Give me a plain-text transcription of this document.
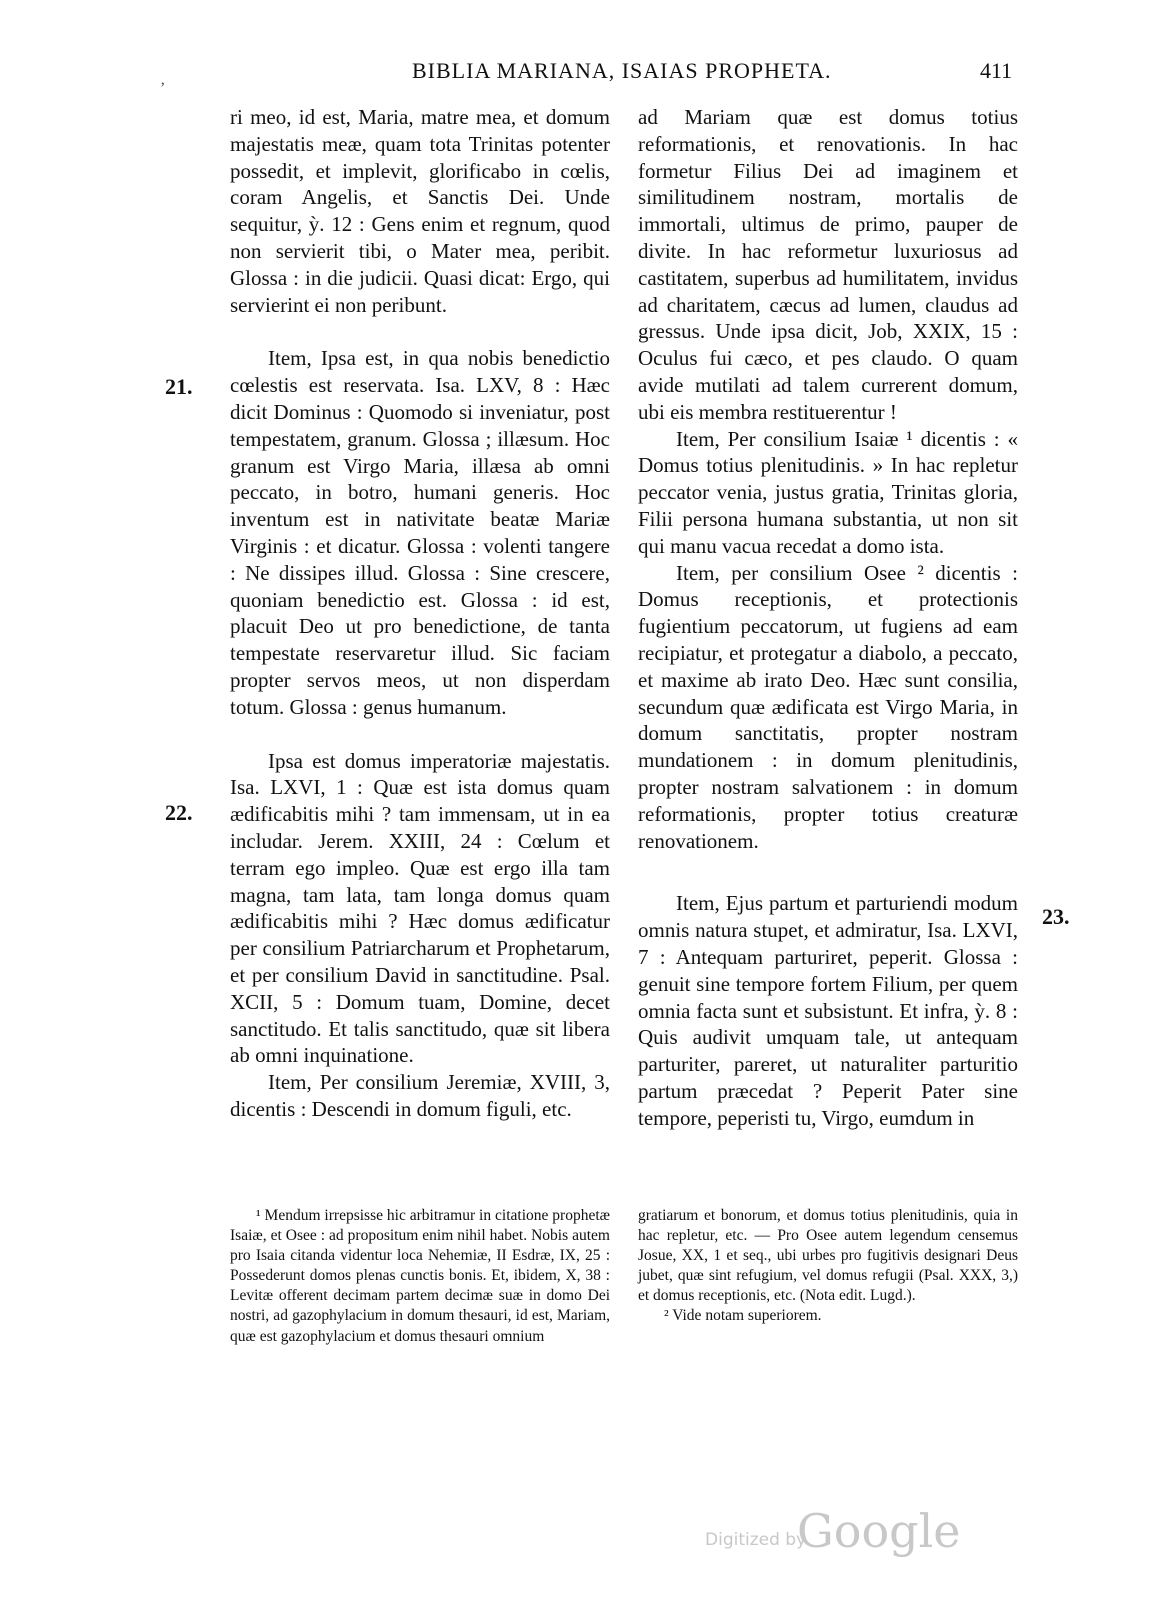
BIBLIA MARIANA, ISAIAS PROPHETA.	411
ʼ
21.
22.
23.

ri meo, id est, Maria, matre mea, et domum majestatis meæ, quam tota Trinitas potenter possedit, et implevit, glorificabo in cœlis, coram Angelis, et Sanctis Dei. Unde sequitur, ỳ. 12 : Gens enim et regnum, quod non servierit tibi, o Mater mea, peribit. Glossa : in die judicii. Quasi dicat: Ergo, qui servierint ei non peribunt.

Item, Ipsa est, in qua nobis benedictio cœlestis est reservata. Isa. LXV, 8 : Hæc dicit Dominus : Quomodo si inveniatur, post tempestatem, granum. Glossa ; illæsum. Hoc granum est Virgo Maria, illæsa ab omni peccato, in botro, humani generis. Hoc inventum est in nativitate beatæ Mariæ Virginis : et dicatur. Glossa : volenti tangere : Ne dissipes illud. Glossa : Sine crescere, quoniam benedictio est. Glossa : id est, placuit Deo ut pro benedictione, de tanta tempestate reservaretur illud. Sic faciam propter servos meos, ut non disperdam totum. Glossa : genus humanum.

Ipsa est domus imperatoriæ majestatis. Isa. LXVI, 1 : Quæ est ista domus quam ædificabitis mihi ? tam immensam, ut in ea includar. Jerem. XXIII, 24 : Cœlum et terram ego impleo. Quæ est ergo illa tam magna, tam lata, tam longa domus quam ædificabitis mihi ? Hæc domus ædificatur per consilium Patriarcharum et Prophetarum, et per consilium David in sanctitudine. Psal. XCII, 5 : Domum tuam, Domine, decet sanctitudo. Et talis sanctitudo, quæ sit libera ab omni inquinatione.

Item, Per consilium Jeremiæ, XVIII, 3, dicentis : Descendi in domum figuli, etc.

ad Mariam quæ est domus totius reformationis, et renovationis. In hac formetur Filius Dei ad imaginem et similitudinem nostram, mortalis de immortali, ultimus de primo, pauper de divite. In hac reformetur luxuriosus ad castitatem, superbus ad humilitatem, invidus ad charitatem, cæcus ad lumen, claudus ad gressus. Unde ipsa dicit, Job, XXIX, 15 : Oculus fui cæco, et pes claudo. O quam avide mutilati ad talem currerent domum, ubi eis membra restituerentur !

Item, Per consilium Isaiæ ¹ dicentis : « Domus totius plenitudinis. » In hac repletur peccator venia, justus gratia, Trinitas gloria, Filii persona humana substantia, ut non sit qui manu vacua recedat a domo ista.

Item, per consilium Osee ² dicentis : Domus receptionis, et protectionis fugientium peccatorum, ut fugiens ad eam recipiatur, et protegatur a diabolo, a peccato, et maxime ab irato Deo. Hæc sunt consilia, secundum quæ ædificata est Virgo Maria, in domum sanctitatis, propter nostram mundationem : in domum plenitudinis, propter nostram salvationem : in domum reformationis, propter totius creaturæ renovationem.

Item, Ejus partum et parturiendi modum omnis natura stupet, et admiratur, Isa. LXVI, 7 : Antequam parturiret, peperit. Glossa : genuit sine tempore fortem Filium, per quem omnia facta sunt et subsistunt. Et infra, ỳ. 8 : Quis audivit umquam tale, ut antequam parturiter, pareret, ut naturaliter parturitio partum præcedat ? Peperit Pater sine tempore, peperisti tu, Virgo, eumdum in

¹ Mendum irrepsisse hic arbitramur in citatione prophetæ Isaiæ, et Osee : ad propositum enim nihil habet. Nobis autem pro Isaia citanda videntur loca Nehemiæ, II Esdræ, IX, 25 : Possederunt domos plenas cunctis bonis. Et, ibidem, X, 38 : Levitæ offerent decimam partem decimæ suæ in domo Dei nostri, ad gazophylacium in domum thesauri, id est, Mariam, quæ est gazophylacium et domus thesauri omnium

gratiarum et bonorum, et domus totius plenitudinis, quia in hac repletur, etc. — Pro Osee autem legendum censemus Josue, XX, 1 et seq., ubi urbes pro fugitivis designari Deus jubet, quæ sint refugium, vel domus refugii (Psal. XXX, 3,) et domus receptionis, etc. (Nota edit. Lugd.).

² Vide notam superiorem.

Digitized by
Google
